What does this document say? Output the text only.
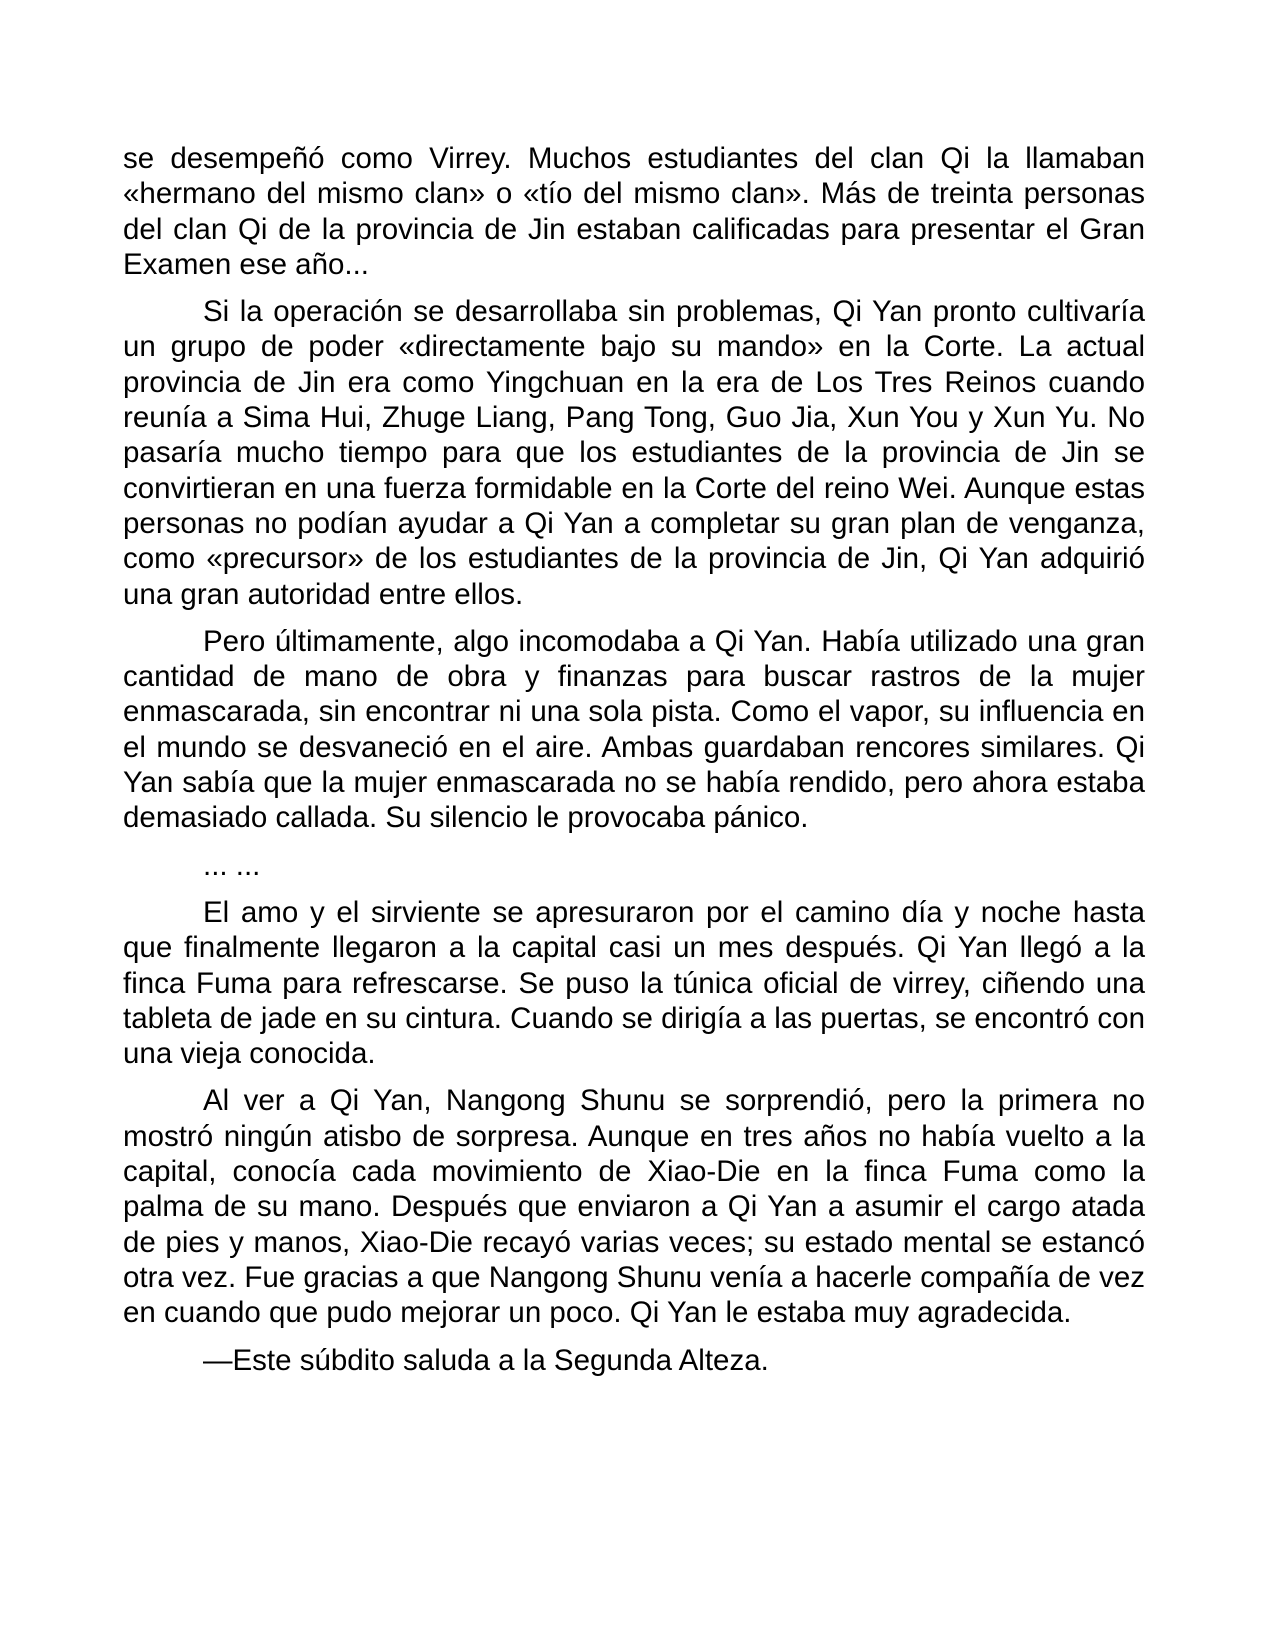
se desempeñó como Virrey. Muchos estudiantes del clan Qi la llamaban «hermano del mismo clan» o «tío del mismo clan». Más de treinta personas del clan Qi de la provincia de Jin estaban calificadas para presentar el Gran Examen ese año...

Si la operación se desarrollaba sin problemas, Qi Yan pronto cultivaría un grupo de poder «directamente bajo su mando» en la Corte. La actual provincia de Jin era como Yingchuan en la era de Los Tres Reinos cuando reunía a Sima Hui, Zhuge Liang, Pang Tong, Guo Jia, Xun You y Xun Yu. No pasaría mucho tiempo para que los estudiantes de la provincia de Jin se convirtieran en una fuerza formidable en la Corte del reino Wei. Aunque estas personas no podían ayudar a Qi Yan a completar su gran plan de venganza, como «precursor» de los estudiantes de la provincia de Jin, Qi Yan adquirió una gran autoridad entre ellos.

Pero últimamente, algo incomodaba a Qi Yan. Había utilizado una gran cantidad de mano de obra y finanzas para buscar rastros de la mujer enmascarada, sin encontrar ni una sola pista. Como el vapor, su influencia en el mundo se desvaneció en el aire. Ambas guardaban rencores similares. Qi Yan sabía que la mujer enmascarada no se había rendido, pero ahora estaba demasiado callada. Su silencio le provocaba pánico.

... ...

El amo y el sirviente se apresuraron por el camino día y noche hasta que finalmente llegaron a la capital casi un mes después. Qi Yan llegó a la finca Fuma para refrescarse. Se puso la túnica oficial de virrey, ciñendo una tableta de jade en su cintura. Cuando se dirigía a las puertas, se encontró con una vieja conocida.

Al ver a Qi Yan, Nangong Shunu se sorprendió, pero la primera no mostró ningún atisbo de sorpresa. Aunque en tres años no había vuelto a la capital, conocía cada movimiento de Xiao-Die en la finca Fuma como la palma de su mano. Después que enviaron a Qi Yan a asumir el cargo atada de pies y manos, Xiao-Die recayó varias veces; su estado mental se estancó otra vez. Fue gracias a que Nangong Shunu venía a hacerle compañía de vez en cuando que pudo mejorar un poco. Qi Yan le estaba muy agradecida.

—Este súbdito saluda a la Segunda Alteza.
